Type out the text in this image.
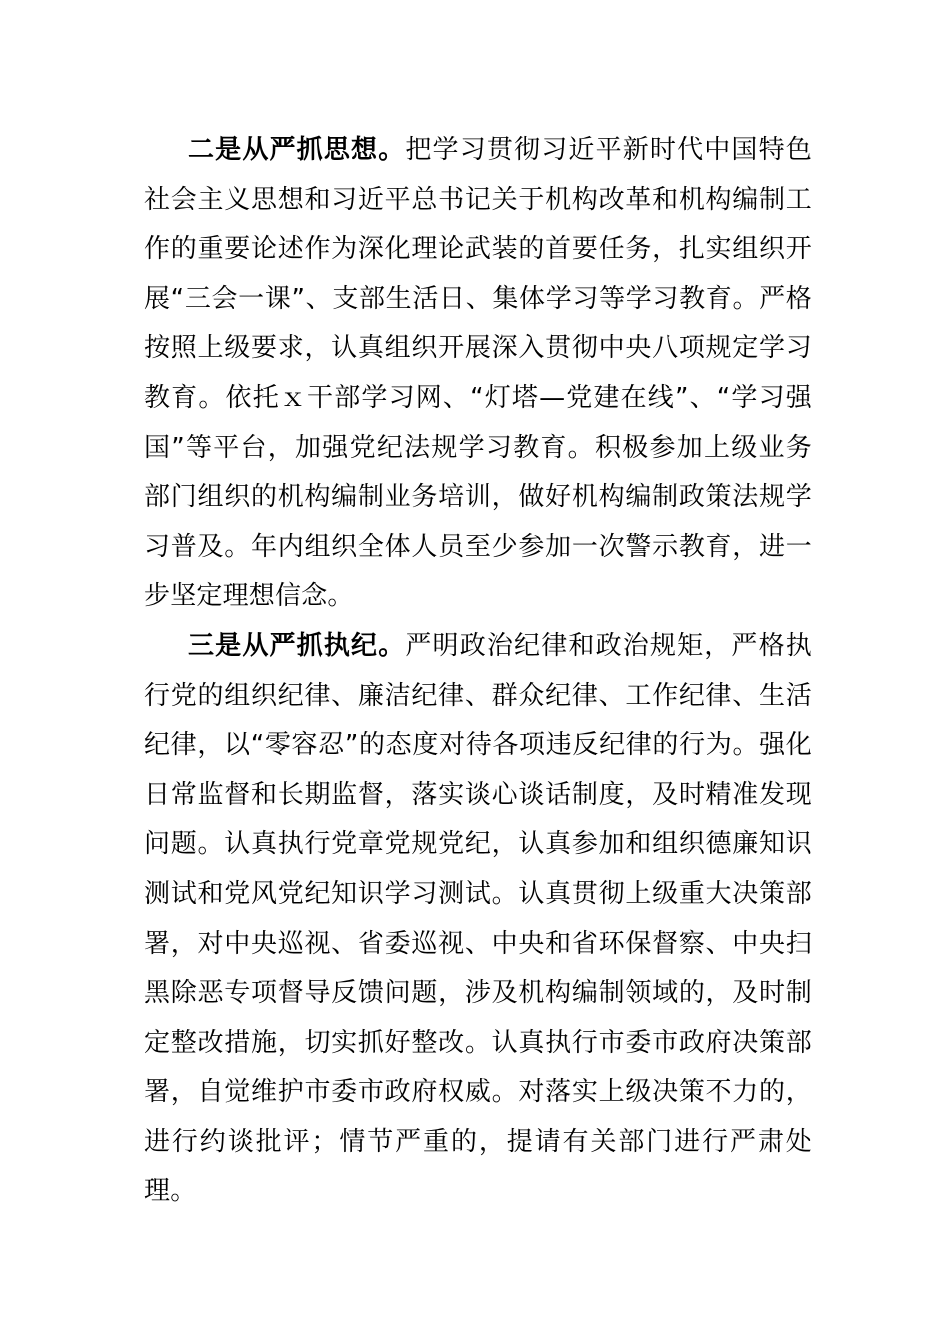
二是从严抓思想。把学习贯彻习近平新时代中国特色社会主义思想和习近平总书记关于机构改革和机构编制工作的重要论述作为深化理论武装的首要任务，扎实组织开展“三会一课”、支部生活日、集体学习等学习教育。严格按照上级要求，认真组织开展深入贯彻中央八项规定学习教育。依托ｘ干部学习网、“灯塔—党建在线”、“学习强国”等平台，加强党纪法规学习教育。积极参加上级业务部门组织的机构编制业务培训，做好机构编制政策法规学习普及。年内组织全体人员至少参加一次警示教育，进一步坚定理想信念。

三是从严抓执纪。严明政治纪律和政治规矩，严格执行党的组织纪律、廉洁纪律、群众纪律、工作纪律、生活纪律，以“零容忍”的态度对待各项违反纪律的行为。强化日常监督和长期监督，落实谈心谈话制度，及时精准发现问题。认真执行党章党规党纪，认真参加和组织德廉知识测试和党风党纪知识学习测试。认真贯彻上级重大决策部署，对中央巡视、省委巡视、中央和省环保督察、中央扫黑除恶专项督导反馈问题，涉及机构编制领域的，及时制定整改措施，切实抓好整改。认真执行市委市政府决策部署，自觉维护市委市政府权威。对落实上级决策不力的，进行约谈批评；情节严重的，提请有关部门进行严肃处理。
